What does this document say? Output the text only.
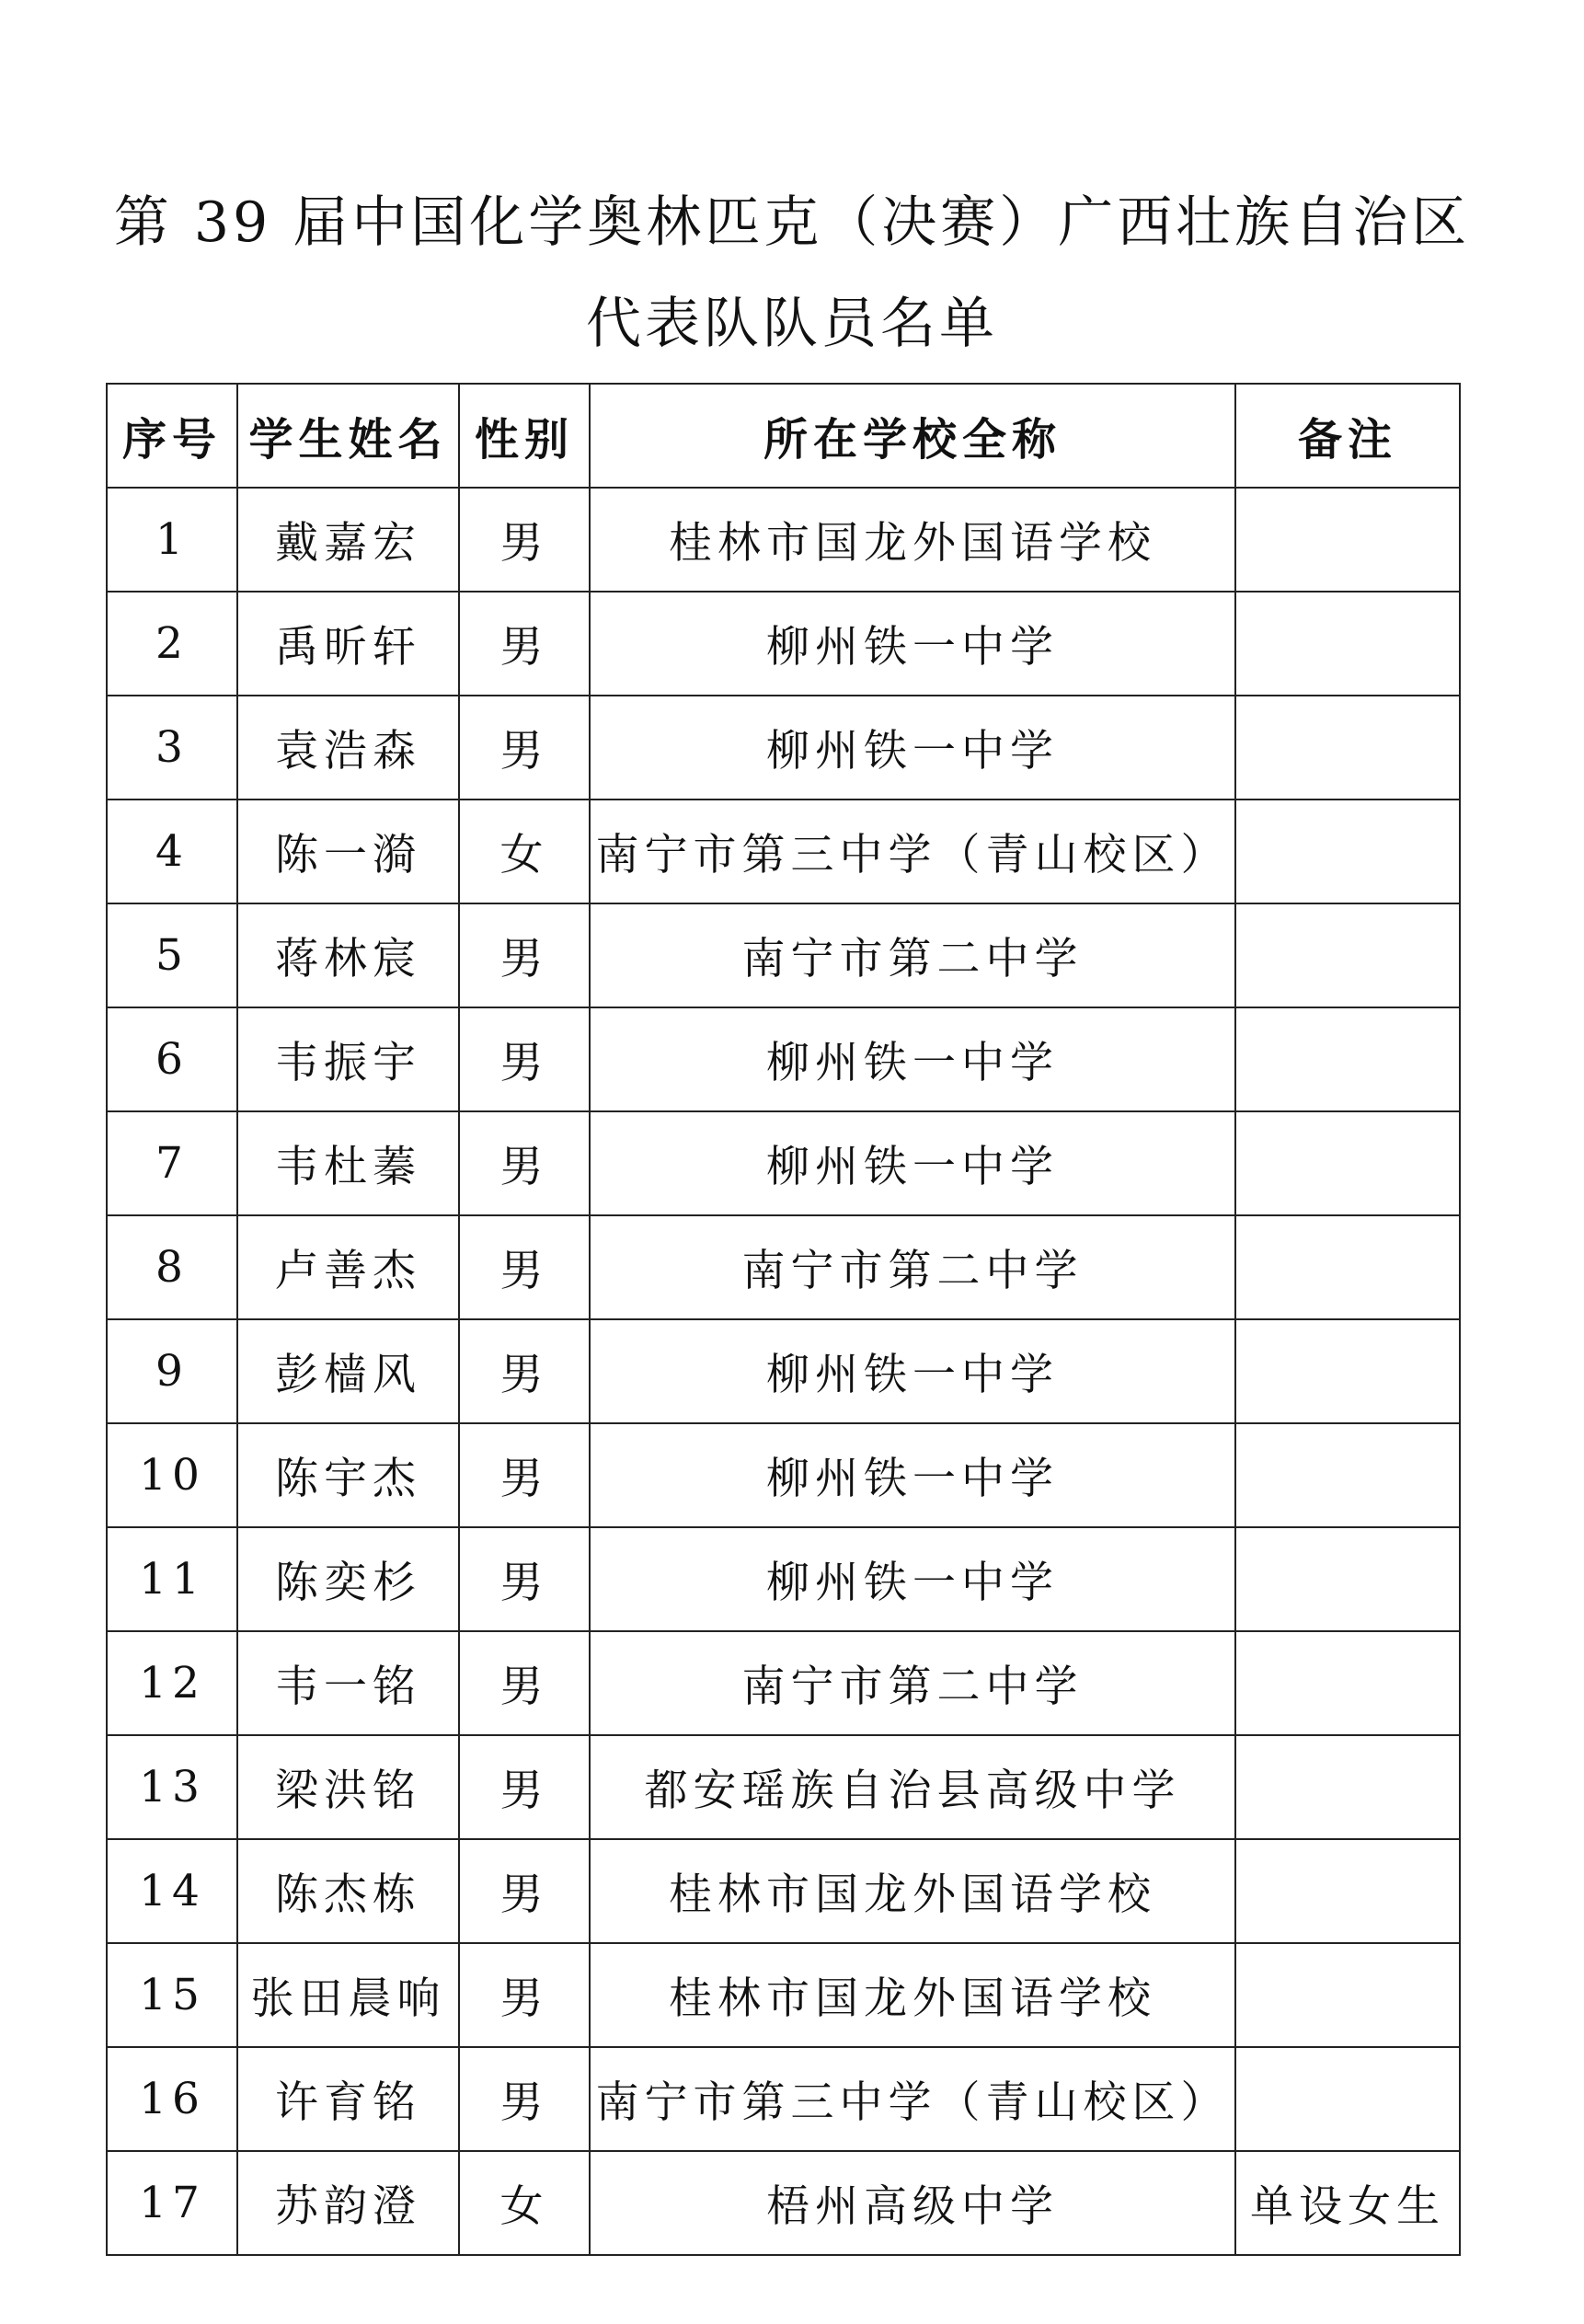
第 39 届中国化学奥林匹克（决赛）广西壮族自治区
代表队队员名单
序号	学生姓名	性别	所在学校全称	备注
1	戴嘉宏	男	桂林市国龙外国语学校	
2	禹昕轩	男	柳州铁一中学	
3	袁浩森	男	柳州铁一中学	
4	陈一漪	女	南宁市第三中学（青山校区）	
5	蒋林宸	男	南宁市第二中学	
6	韦振宇	男	柳州铁一中学	
7	韦杜蓁	男	柳州铁一中学	
8	卢善杰	男	南宁市第二中学	
9	彭樯风	男	柳州铁一中学	
10	陈宇杰	男	柳州铁一中学	
11	陈奕杉	男	柳州铁一中学	
12	韦一铭	男	南宁市第二中学	
13	梁洪铭	男	都安瑶族自治县高级中学	
14	陈杰栋	男	桂林市国龙外国语学校	
15	张田晨响	男	桂林市国龙外国语学校	
16	许育铭	男	南宁市第三中学（青山校区）	
17	苏韵澄	女	梧州高级中学	单设女生
